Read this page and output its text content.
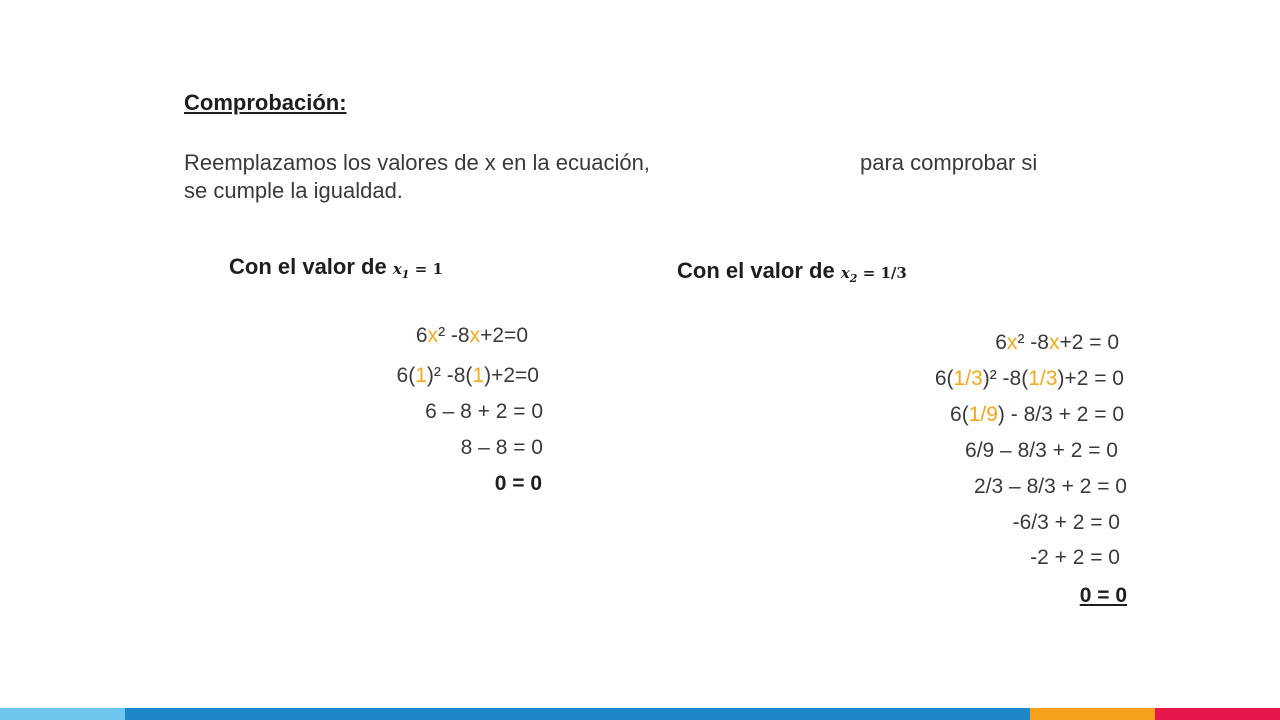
Comprobación:
Reemplazamos los valores de x en la ecuación,	para comprobar si
se cumple la igualdad.
Con el valor de $x_1 = 1$
6x² -8x+2=0
6(1)² -8(1)+2=0
6 – 8 + 2 = 0
8 – 8 = 0
0 = 0
Con el valor de $x_2 = 1/3$
6x² -8x+2 = 0
6(1/3)² -8(1/3)+2 = 0
6(1/9) - 8/3 + 2 = 0
6/9 – 8/3 + 2 = 0
2/3 – 8/3 + 2 = 0
-6/3 + 2 = 0
-2 + 2 = 0
0 = 0
